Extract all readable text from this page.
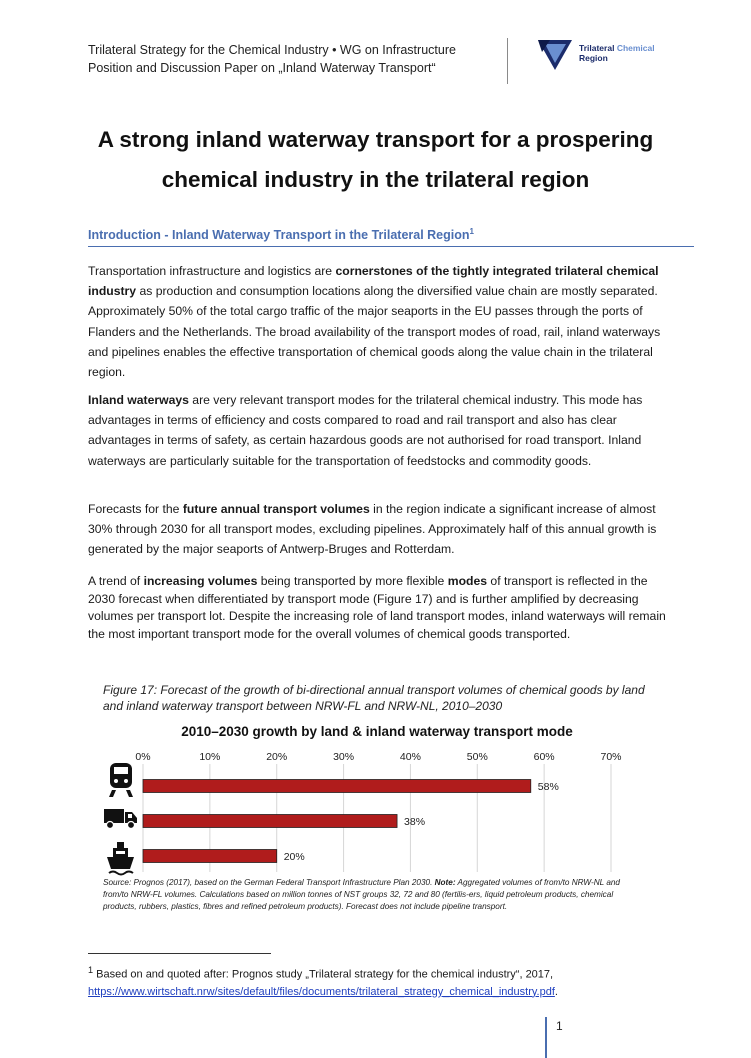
Trilateral Strategy for the Chemical Industry • WG on Infrastructure
Position and Discussion Paper on „Inland Waterway Transport“
Trilateral Chemical
Region
A strong inland waterway transport for a prospering
chemical industry in the trilateral region
Introduction - Inland Waterway Transport in the Trilateral Region$^1$
Transportation infrastructure and logistics are cornerstones of the tightly integrated trilateral chemical industry as production and consumption locations along the diversified value chain are mostly separated. Approximately 50% of the total cargo traffic of the major seaports in the EU passes through the ports of Flanders and the Netherlands. The broad availability of the transport modes of road, rail, inland waterways and pipelines enables the effective transportation of chemical goods along the value chain in the trilateral region.
Inland waterways are very relevant transport modes for the trilateral chemical industry. This mode has advantages in terms of efficiency and costs compared to road and rail transport and also has clear advantages in terms of safety, as certain hazardous goods are not authorised for road transport. Inland waterways are particularly suitable for the transportation of feedstocks and commodity goods.
Forecasts for the future annual transport volumes in the region indicate a significant increase of almost 30% through 2030 for all transport modes, excluding pipelines. Approximately half of this annual growth is generated by the major seaports of Antwerp-Bruges and Rotterdam.
A trend of increasing volumes being transported by more flexible modes of transport is reflected in the 2030 forecast when differentiated by transport mode (Figure 17) and is further amplified by decreasing volumes per transport lot. Despite the increasing role of land transport modes, inland waterways will remain the most important transport mode for the overall volumes of chemical goods transported.
Figure 17: Forecast of the growth of bi-directional annual transport volumes of chemical goods by land and inland waterway transport between NRW-FL and NRW-NL, 2010–2030
2010–2030 growth by land & inland waterway transport mode
0%	10%	20%	30%	40%	50%	60%	70%
58%
38%
20%
Source: Prognos (2017), based on the German Federal Transport Infrastructure Plan 2030. Note: Aggregated volumes of from/to NRW-NL and from/to NRW-FL volumes. Calculations based on million tonnes of NST groups 32, 72 and 80 (fertilis-ers, liquid petroleum products, chemical products, rubbers, plastics, fibres and refined petroleum products). Forecast does not include pipeline transport.
$^1$ Based on and quoted after: Prognos study „Trilateral strategy for the chemical industry“, 2017,
https://www.wirtschaft.nrw/sites/default/files/documents/trilateral_strategy_chemical_industry.pdf.
1
